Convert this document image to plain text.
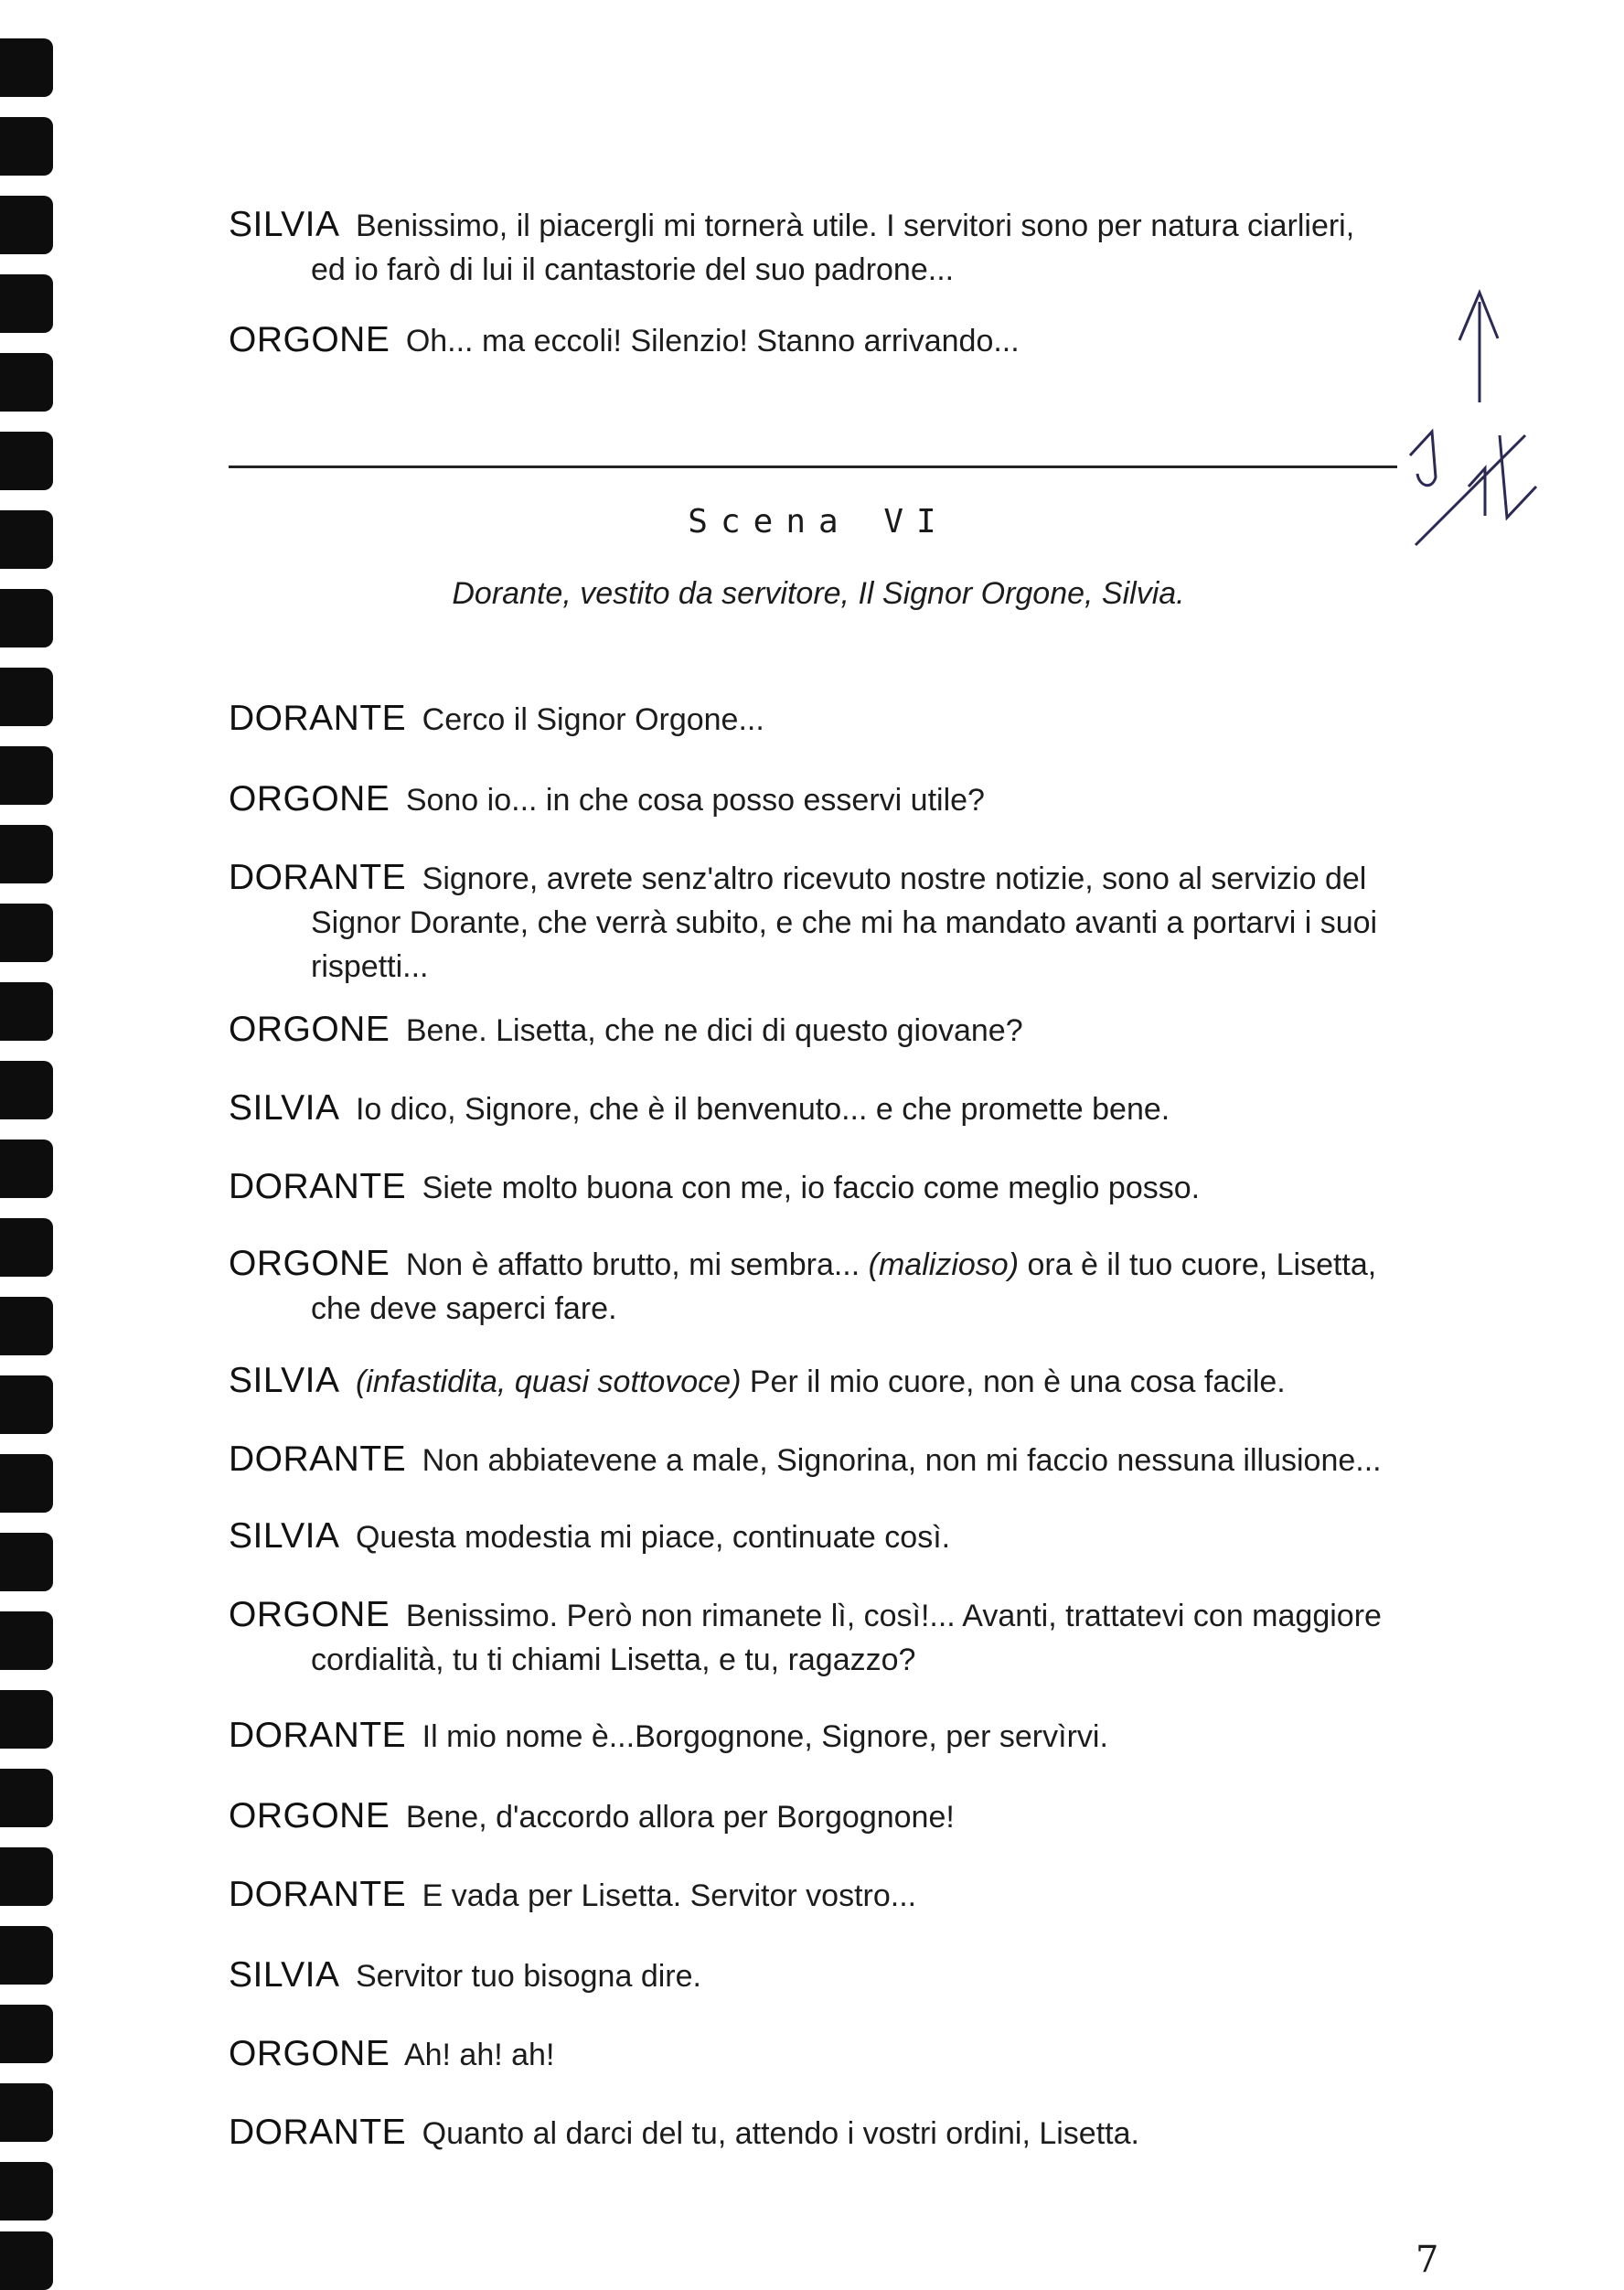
SILVIA Benissimo, il piacergli mi tornerà utile. I servitori sono per natura ciarlieri,
ed io farò di lui il cantastorie del suo padrone...
ORGONE Oh... ma eccoli! Silenzio! Stanno arrivando...
DORANTE Cerco il Signor Orgone...
ORGONE Sono io... in che cosa posso esservi utile?
DORANTE Signore, avrete senz'altro ricevuto nostre notizie, sono al servizio del
Signor Dorante, che verrà subito, e che mi ha mandato avanti a portarvi i suoi
rispetti...
ORGONE Bene. Lisetta, che ne dici di questo giovane?
SILVIA Io dico, Signore, che è il benvenuto... e che promette bene.
DORANTE Siete molto buona con me, io faccio come meglio posso.
ORGONE Non è affatto brutto, mi sembra... (malizioso) ora è il tuo cuore, Lisetta,
che deve saperci fare.
SILVIA (infastidita, quasi sottovoce) Per il mio cuore, non è una cosa facile.
DORANTE Non abbiatevene a male, Signorina, non mi faccio nessuna illusione...
SILVIA Questa modestia mi piace, continuate così.
ORGONE Benissimo. Però non rimanete lì, così!... Avanti, trattatevi con maggiore
cordialità, tu ti chiami Lisetta, e tu, ragazzo?
DORANTE Il mio nome è...Borgognone, Signore, per servìrvi.
ORGONE Bene, d'accordo allora per Borgognone!
DORANTE E vada per Lisetta. Servitor vostro...
SILVIA Servitor tuo bisogna dire.
ORGONE Ah! ah! ah!
DORANTE Quanto al darci del tu, attendo i vostri ordini, Lisetta.
Scena VI
Dorante, vestito da servitore, Il Signor Orgone, Silvia.
7
